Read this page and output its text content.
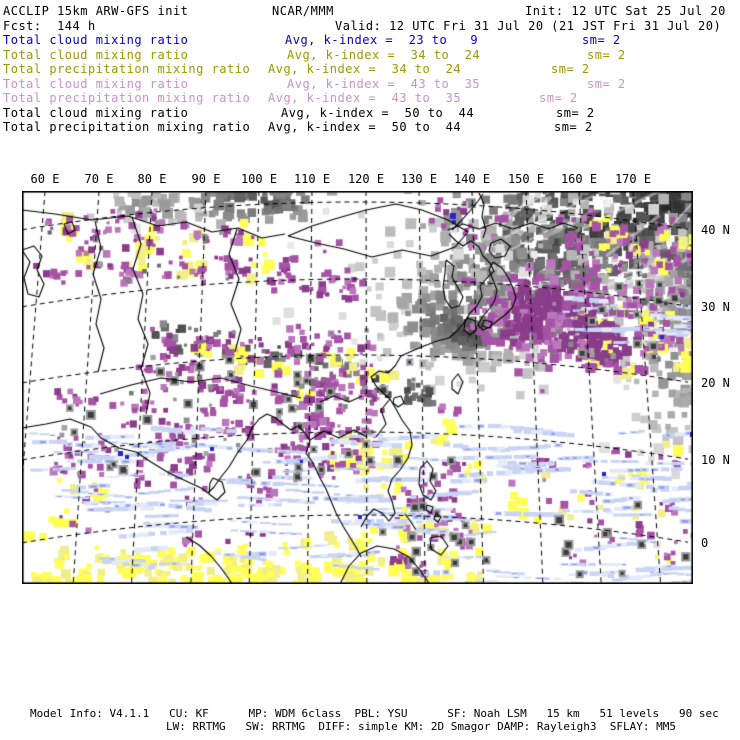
ACCLIP 15km ARW-GFS init	NCAR/MMM	Init: 12 UTC Sat 25 Jul 20
Fcst:  144 h	Valid: 12 UTC Fri 31 Jul 20 (21 JST Fri 31 Jul 20)
Total cloud mixing ratio	Avg, k-index =  23 to   9	sm= 2
Total cloud mixing ratio	Avg, k-index =  34 to  24	sm= 2
Total precipitation mixing ratio Avg, k-index =  34 to  24	sm= 2
Total cloud mixing ratio	Avg, k-index =  43 to  35	sm= 2
Total precipitation mixing ratio Avg, k-index =  43 to  35	sm= 2
Total cloud mixing ratio	Avg, k-index =  50 to  44	sm= 2
Total precipitation mixing ratio Avg, k-index =  50 to  44	sm= 2
60 E 70 E 80 E 90 E 100 E 110 E 120 E 130 E 140 E 150 E 160 E 170 E
40 N
30 N
20 N
10 N
0
Model Info: V4.1.1   CU: KF      MP: WDM 6class  PBL: YSU      SF: Noah LSM   15 km   51 levels   90 sec
LW: RRTMG   SW: RRTMG  DIFF: simple KM: 2D Smagor DAMP: Rayleigh3  SFLAY: MM5
